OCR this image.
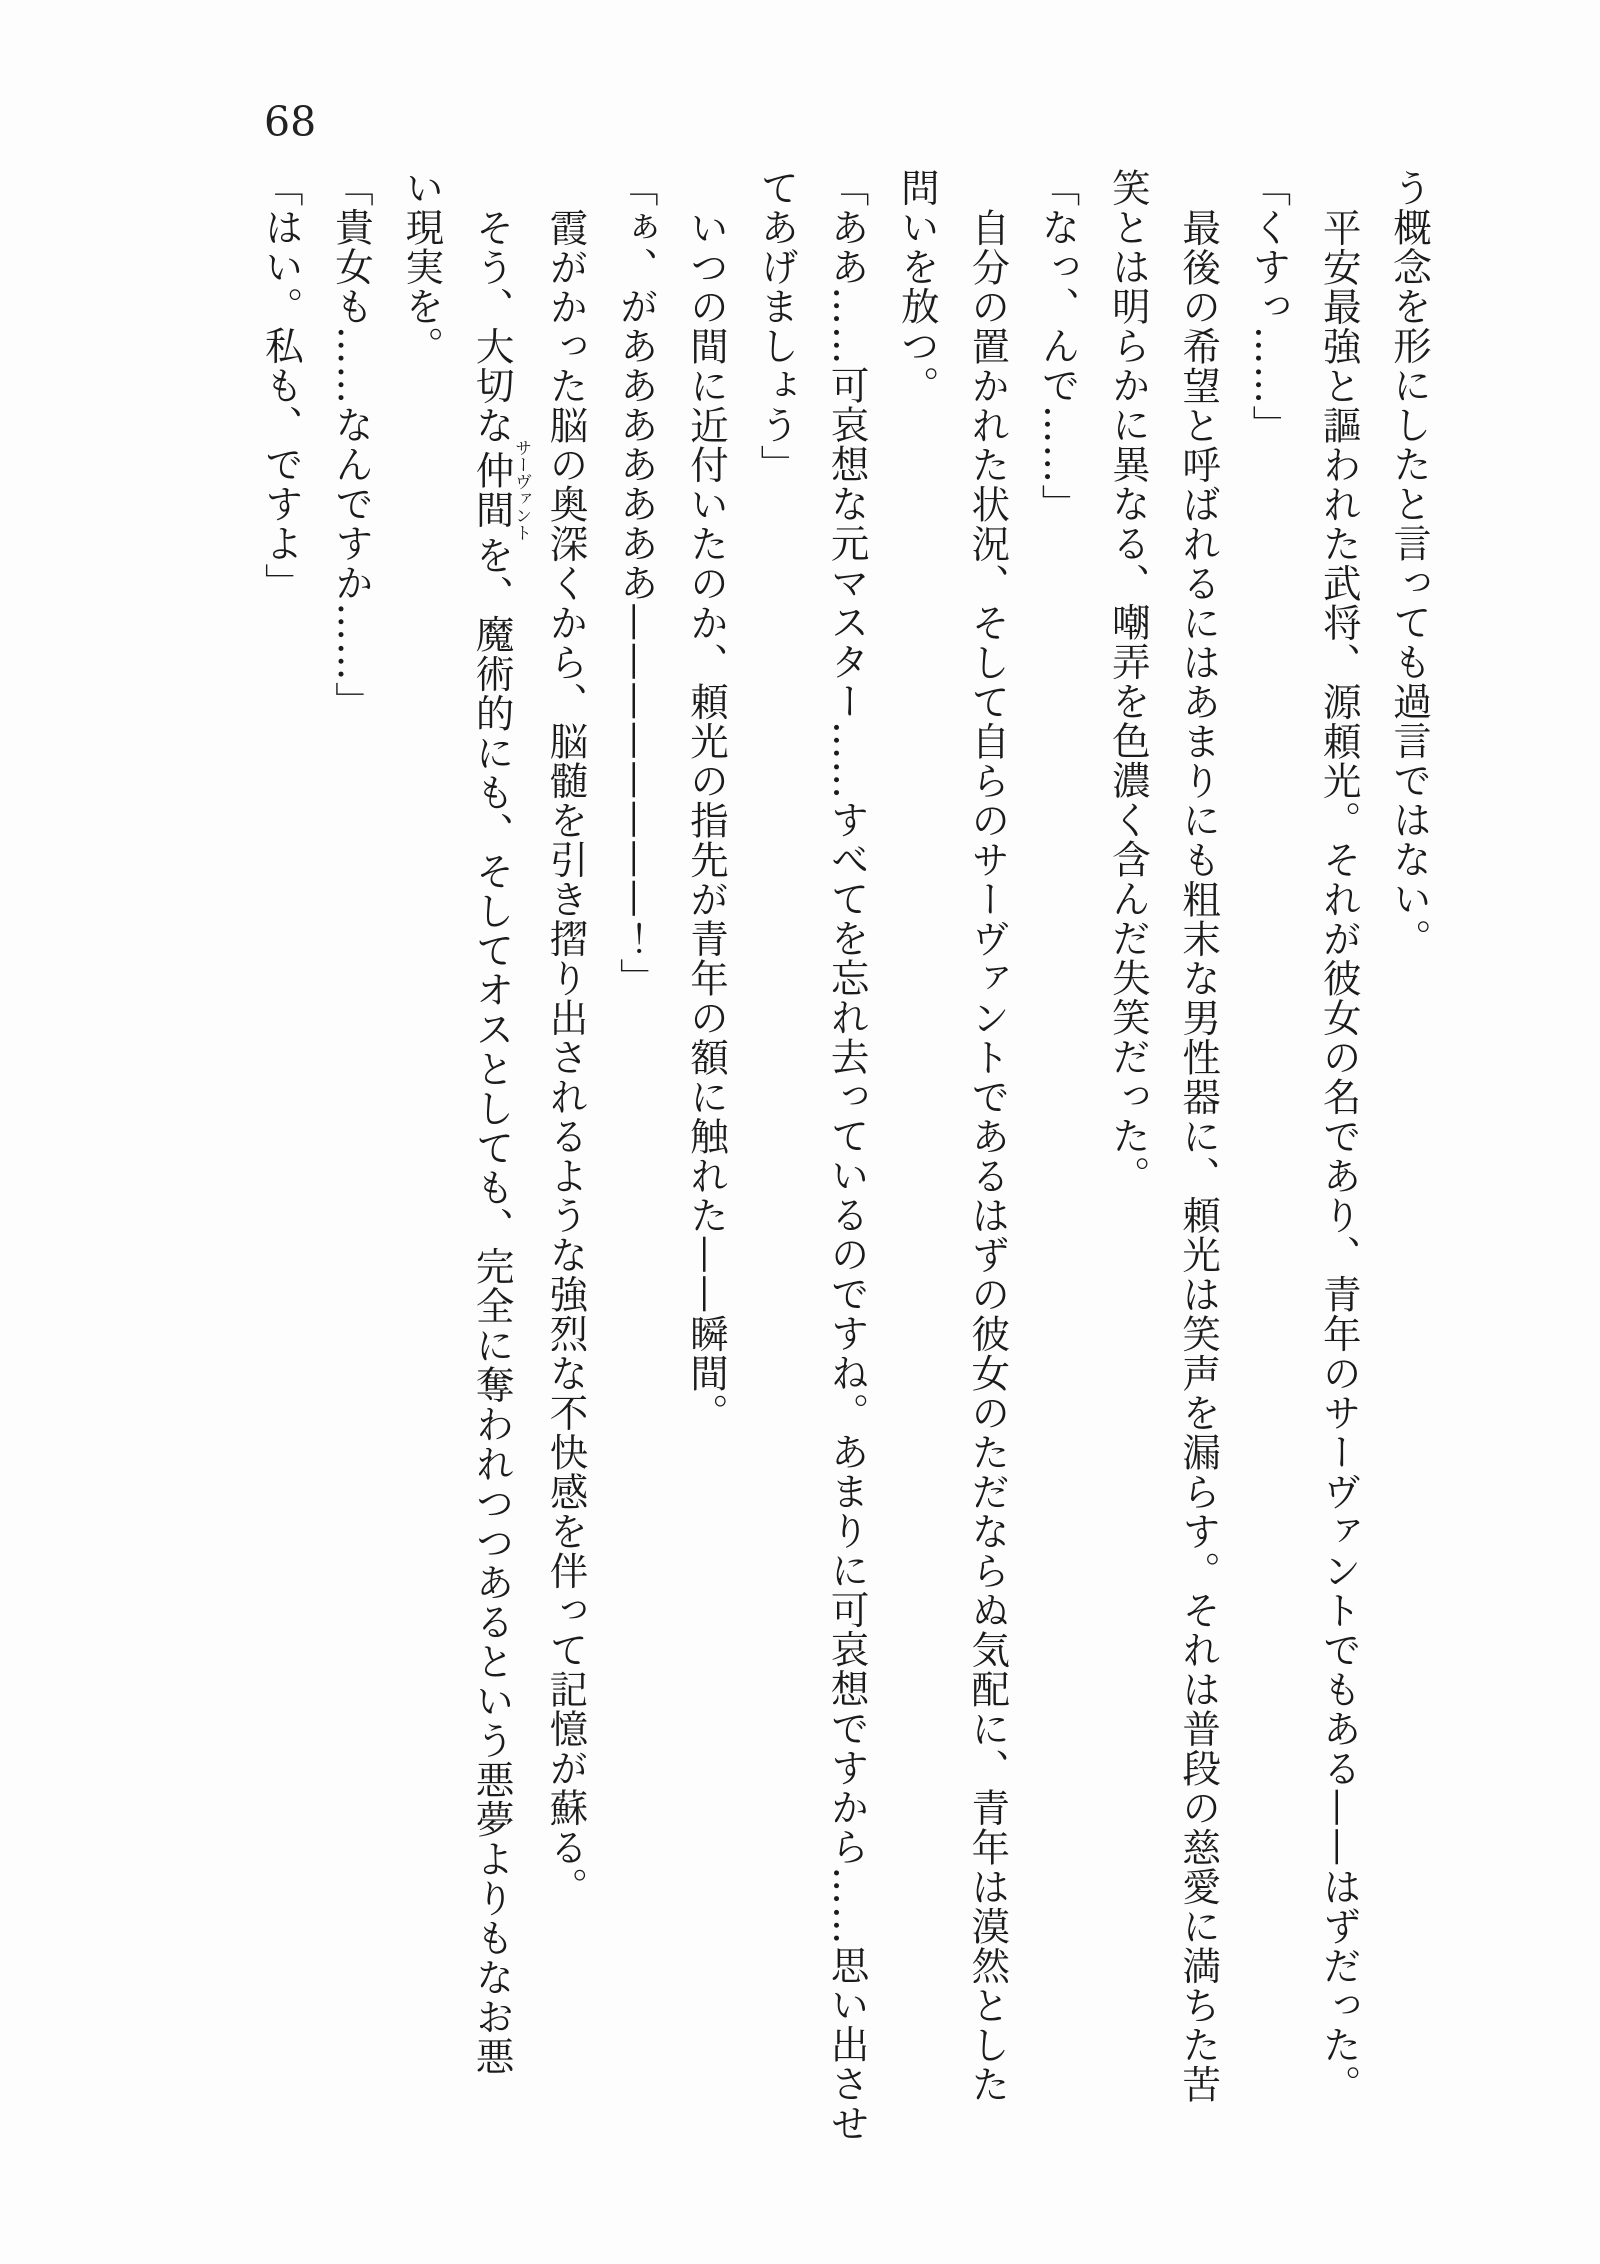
68

う概念を形にしたと言っても過言ではない。

平安最強と謳われた武将、源頼光。それが彼女の名であり、青年のサーヴァントでもある——はずだった。

「くすっ……」

最後の希望と呼ばれるにはあまりにも粗末な男性器に、頼光は笑声を漏らす。それは普段の慈愛に満ちた苦

笑とは明らかに異なる、嘲弄を色濃く含んだ失笑だった。

「なっ、んで……」

自分の置かれた状況、そして自らのサーヴァントであるはずの彼女のただならぬ気配に、青年は漠然とした

問いを放つ。

「ああ……可哀想な元マスター……すべてを忘れ去っているのですね。あまりに可哀想ですから……思い出させ

てあげましょう」

いつの間に近付いたのか、頼光の指先が青年の額に触れた——瞬間。

「ぁ、があああああああ————————！」

霞がかった脳の奥深くから、脳髄を引き摺り出されるような強烈な不快感を伴って記憶が蘇る。

そう、大切な仲間サーヴァントを、魔術的にも、そしてオスとしても、完全に奪われつつあるという悪夢よりもなお悪

い現実を。

「貴女も……なんですか……」

「はい。私も、ですよ」
